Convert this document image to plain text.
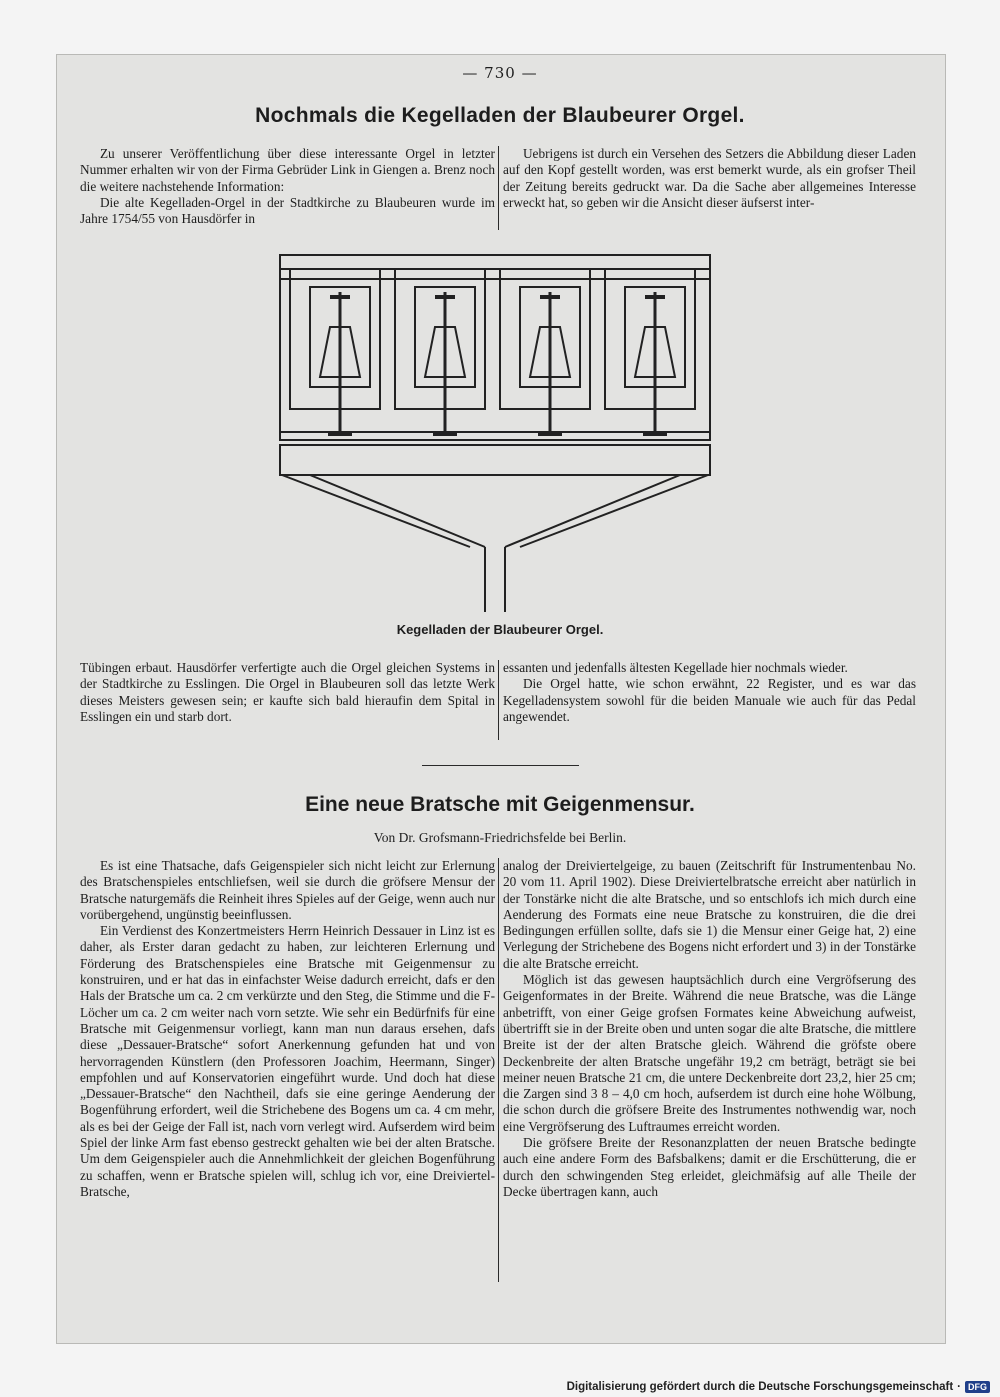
— 730 —
Nochmals die Kegelladen der Blaubeurer Orgel.

Zu unserer Veröffentlichung über diese interessante Orgel in letzter Nummer erhalten wir von der Firma Gebrüder Link in Giengen a. Brenz noch die weitere nachstehende Information:

Die alte Kegelladen-Orgel in der Stadtkirche zu Blaubeuren wurde im Jahre 1754/55 von Hausdörfer in

Uebrigens ist durch ein Versehen des Setzers die Abbildung dieser Laden auf den Kopf gestellt worden, was erst bemerkt wurde, als ein grofser Theil der Zeitung bereits gedruckt war. Da die Sache aber allgemeines Interesse erweckt hat, so geben wir die Ansicht dieser äufserst inter-

Kegelladen der Blaubeurer Orgel.

Tübingen erbaut. Hausdörfer verfertigte auch die Orgel gleichen Systems in der Stadtkirche zu Esslingen. Die Orgel in Blaubeuren soll das letzte Werk dieses Meisters gewesen sein; er kaufte sich bald hieraufin dem Spital in Esslingen ein und starb dort.

essanten und jedenfalls ältesten Kegellade hier nochmals wieder.

Die Orgel hatte, wie schon erwähnt, 22 Register, und es war das Kegelladensystem sowohl für die beiden Manuale wie auch für das Pedal angewendet.

Eine neue Bratsche mit Geigenmensur.
Von Dr. Grofsmann-Friedrichsfelde bei Berlin.

Es ist eine Thatsache, dafs Geigenspieler sich nicht leicht zur Erlernung des Bratschenspieles entschliefsen, weil sie durch die gröfsere Mensur der Bratsche naturgemäfs die Reinheit ihres Spieles auf der Geige, wenn auch nur vorübergehend, ungünstig beeinflussen.

Ein Verdienst des Konzertmeisters Herrn Heinrich Dessauer in Linz ist es daher, als Erster daran gedacht zu haben, zur leichteren Erlernung und Förderung des Bratschenspieles eine Bratsche mit Geigenmensur zu konstruiren, und er hat das in einfachster Weise dadurch erreicht, dafs er den Hals der Bratsche um ca. 2 cm verkürzte und den Steg, die Stimme und die F-Löcher um ca. 2 cm weiter nach vorn setzte. Wie sehr ein Bedürfnifs für eine Bratsche mit Geigenmensur vorliegt, kann man nun daraus ersehen, dafs diese „Dessauer-Bratsche“ sofort Anerkennung gefunden hat und von hervorragenden Künstlern (den Professoren Joachim, Heermann, Singer) empfohlen und auf Konservatorien eingeführt wurde. Und doch hat diese „Dessauer-Bratsche“ den Nachtheil, dafs sie eine geringe Aenderung der Bogenführung erfordert, weil die Strichebene des Bogens um ca. 4 cm mehr, als es bei der Geige der Fall ist, nach vorn verlegt wird. Aufserdem wird beim Spiel der linke Arm fast ebenso gestreckt gehalten wie bei der alten Bratsche. Um dem Geigenspieler auch die Annehmlichkeit der gleichen Bogenführung zu schaffen, wenn er Bratsche spielen will, schlug ich vor, eine Dreiviertel-Bratsche,

analog der Dreiviertelgeige, zu bauen (Zeitschrift für Instrumentenbau No. 20 vom 11. April 1902). Diese Dreiviertelbratsche erreicht aber natürlich in der Tonstärke nicht die alte Bratsche, und so entschlofs ich mich durch eine Aenderung des Formats eine neue Bratsche zu konstruiren, die die drei Bedingungen erfüllen sollte, dafs sie 1) die Mensur einer Geige hat, 2) eine Verlegung der Strichebene des Bogens nicht erfordert und 3) in der Tonstärke die alte Bratsche erreicht.

Möglich ist das gewesen hauptsächlich durch eine Vergröfserung des Geigenformates in der Breite. Während die neue Bratsche, was die Länge anbetrifft, von einer Geige grofsen Formates keine Abweichung aufweist, übertrifft sie in der Breite oben und unten sogar die alte Bratsche, die mittlere Breite ist der der alten Bratsche gleich. Während die gröfste obere Deckenbreite der alten Bratsche ungefähr 19,2 cm beträgt, beträgt sie bei meiner neuen Bratsche 21 cm, die untere Deckenbreite dort 23,2, hier 25 cm; die Zargen sind 3 8 – 4,0 cm hoch, aufserdem ist durch eine hohe Wölbung, die schon durch die gröfsere Breite des Instrumentes nothwendig war, noch eine Vergröfserung des Luftraumes erreicht worden.

Die gröfsere Breite der Resonanzplatten der neuen Bratsche bedingte auch eine andere Form des Bafsbalkens; damit er die Erschütterung, die er durch den schwingenden Steg erleidet, gleichmäfsig auf alle Theile der Decke übertragen kann, auch

Digitalisierung gefördert durch die Deutsche Forschungsgemeinschaft · DFG
